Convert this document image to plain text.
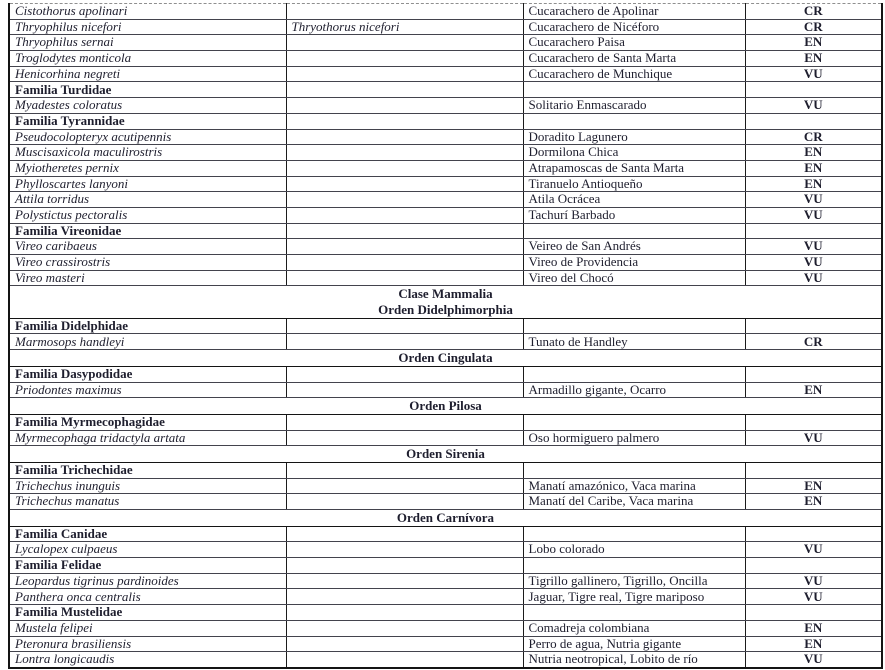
Cistothorus apolinari		Cucarachero de Apolinar	CR
Thryophilus nicefori	Thryothorus nicefori	Cucarachero de Nicéforo	CR
Thryophilus sernai		Cucarachero Paisa	EN
Troglodytes monticola		Cucarachero de Santa Marta	EN
Henicorhina negreti		Cucarachero de Munchique	VU
Familia Turdidae			
Myadestes coloratus		Solitario Enmascarado	VU
Familia Tyrannidae			
Pseudocolopteryx acutipennis		Doradito Lagunero	CR
Muscisaxicola maculirostris		Dormilona Chica	EN
Myiotheretes pernix		Atrapamoscas de Santa Marta	EN
Phylloscartes lanyoni		Tiranuelo Antioqueño	EN
Attila torridus		Atila Ocrácea	VU
Polystictus pectoralis		Tachurí Barbado	VU
Familia Vireonidae			
Vireo caribaeus		Veireo de San Andrés	VU
Vireo crassirostris		Vireo de Providencia	VU
Vireo masteri		Vireo del Chocó	VU

Clase Mammalia
Orden Didelphimorphia			

Familia Didelphidae			
Marmosops handleyi		Tunato de Handley	CR

Orden Cingulata			

Familia Dasypodidae			
Priodontes maximus		Armadillo gigante, Ocarro	EN

Orden Pilosa			

Familia Myrmecophagidae			
Myrmecophaga tridactyla artata		Oso hormiguero palmero	VU

Orden Sirenia			

Familia Trichechidae			
Trichechus inunguis		Manatí amazónico, Vaca marina	EN
Trichechus manatus		Manatí del Caribe, Vaca marina	EN

Orden Carnívora			

Familia Canidae			
Lycalopex culpaeus		Lobo colorado	VU
Familia Felidae			
Leopardus tigrinus pardinoides		Tigrillo gallinero, Tigrillo, Oncilla	VU
Panthera onca centralis		Jaguar, Tigre real, Tigre mariposo	VU
Familia Mustelidae			
Mustela felipei		Comadreja colombiana	EN
Pteronura brasiliensis		Perro de agua, Nutria gigante	EN
Lontra longicaudis		Nutria neotropical, Lobito de río	VU
